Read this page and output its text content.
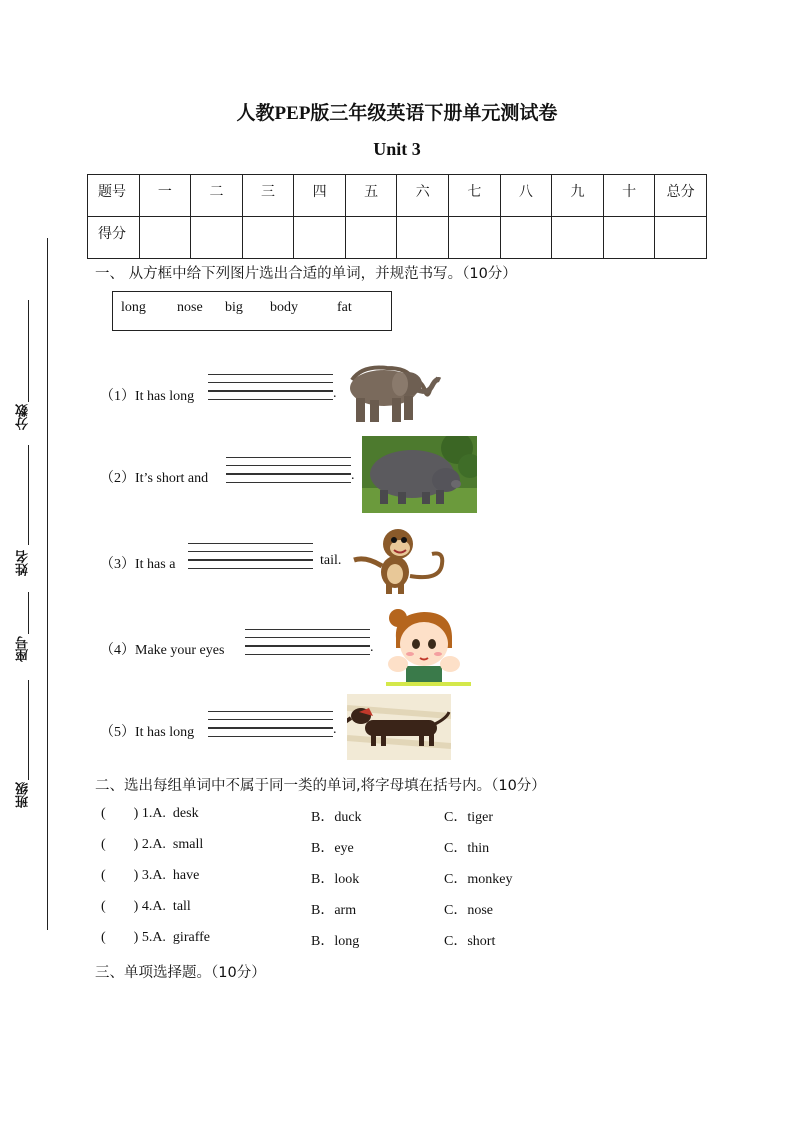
人教PEP版三年级英语下册单元测试卷
Unit 3
题号	一	二	三	四	五	六	七	八	九	十	总分
得分											
分数
姓名
座号
班级
一、 从方框中给下列图片选出合适的单词，并规范书写。（10分）
long nose big body	fat
（1）It has long	.
（2）It’s short and	.
（3）It has a	tail.
（4）Make your eyes	.
（5）It has long	.
二、选出每组单词中不属于同一类的单词,将字母填在括号内。（10分）
(        ) 1.A.  desk	B．duck	C．tiger
(        ) 2.A.  small	B．eye	C．thin
(        ) 3.A.  have	B．look	C．monkey
(        ) 4.A.  tall	B．arm	C．nose
(        ) 5.A.  giraffe	B．long	C．short
三、单项选择题。（10分）
